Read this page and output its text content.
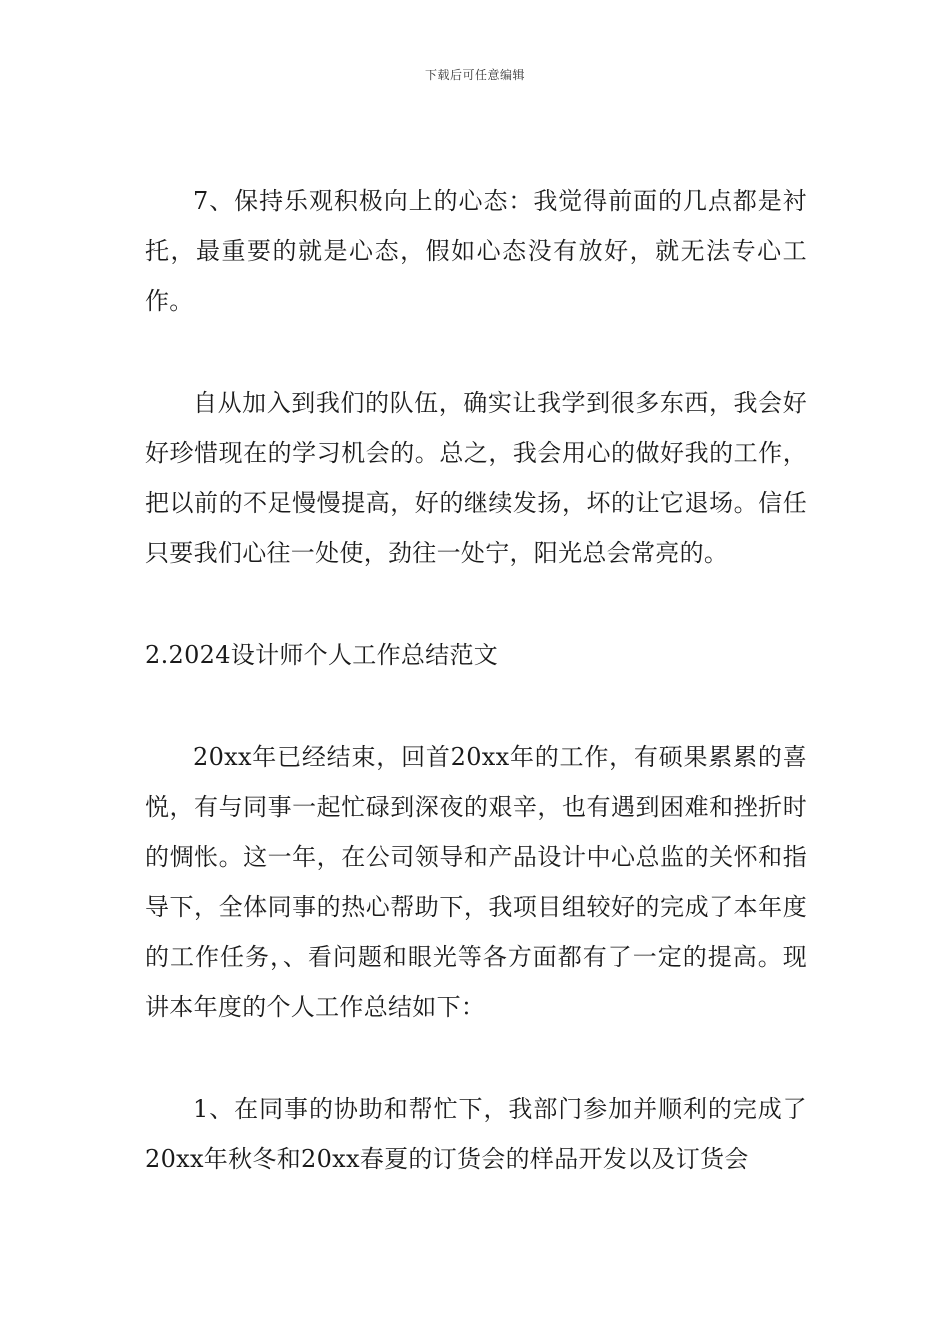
下载后可任意编辑

7、保持乐观积极向上的心态：我觉得前面的几点都是衬托，最重要的就是心态，假如心态没有放好，就无法专心工作。

自从加入到我们的队伍，确实让我学到很多东西，我会好好珍惜现在的学习机会的。总之，我会用心的做好我的工作，把以前的不足慢慢提高，好的继续发扬，坏的让它退场。信任只要我们心往一处使，劲往一处宁，阳光总会常亮的。

2.2024设计师个人工作总结范文

20xx年已经结束，回首20xx年的工作，有硕果累累的喜悦，有与同事一起忙碌到深夜的艰辛，也有遇到困难和挫折时的惆怅。这一年，在公司领导和产品设计中心总监的关怀和指导下，全体同事的热心帮助下，我项目组较好的完成了本年度的工作任务，、看问题和眼光等各方面都有了一定的提高。现讲本年度的个人工作总结如下：

1、在同事的协助和帮忙下，我部门参加并顺利的完成了20xx年秋冬和20xx春夏的订货会的样品开发以及订货会
